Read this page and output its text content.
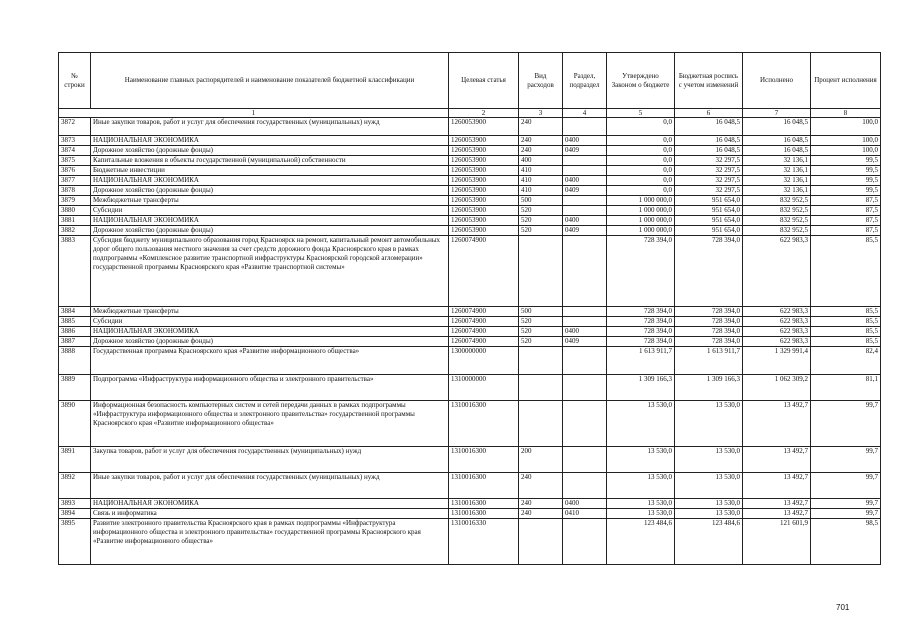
№ строки	Наименование главных распорядителей и наименование показателей бюджетной классификации	Целевая статья	Вид расходов	Раздел, подраздел	Утверждено Законом о бюджете	Бюджетная роспись с учетом изменений	Исполнено	Процент исполнения
1		2	3	4	5	6	7	8
3872	Иные закупки товаров, работ и услуг для обеспечения государственных (муниципальных) нужд	1260053900	240		0,0	16 048,5	16 048,5	100,0
3873	НАЦИОНАЛЬНАЯ ЭКОНОМИКА	1260053900	240	0400	0,0	16 048,5	16 048,5	100,0
3874	Дорожное хозяйство (дорожные фонды)	1260053900	240	0409	0,0	16 048,5	16 048,5	100,0
3875	Капитальные вложения в объекты государственной (муниципальной) собственности	1260053900	400		0,0	32 297,5	32 136,1	99,5
3876	Бюджетные инвестиции	1260053900	410		0,0	32 297,5	32 136,1	99,5
3877	НАЦИОНАЛЬНАЯ ЭКОНОМИКА	1260053900	410	0400	0,0	32 297,5	32 136,1	99,5
3878	Дорожное хозяйство (дорожные фонды)	1260053900	410	0409	0,0	32 297,5	32 136,1	99,5
3879	Межбюджетные трансферты	1260053900	500		1 000 000,0	951 654,0	832 952,5	87,5
3880	Субсидии	1260053900	520		1 000 000,0	951 654,0	832 952,5	87,5
3881	НАЦИОНАЛЬНАЯ ЭКОНОМИКА	1260053900	520	0400	1 000 000,0	951 654,0	832 952,5	87,5
3882	Дорожное хозяйство (дорожные фонды)	1260053900	520	0409	1 000 000,0	951 654,0	832 952,5	87,5
3883	Субсидия бюджету муниципального образования город Красноярск на ремонт, капитальный ремонт автомобильных дорог общего пользования местного значения за счет средств дорожного фонда Красноярского края в рамках подпрограммы «Комплексное развитие транспортной инфраструктуры Красноярской городской агломерации» государственной программы Красноярского края «Развитие транспортной системы»	1260074900			728 394,0	728 394,0	622 983,3	85,5
3884	Межбюджетные трансферты	1260074900	500		728 394,0	728 394,0	622 983,3	85,5
3885	Субсидии	1260074900	520		728 394,0	728 394,0	622 983,3	85,5
3886	НАЦИОНАЛЬНАЯ ЭКОНОМИКА	1260074900	520	0400	728 394,0	728 394,0	622 983,3	85,5
3887	Дорожное хозяйство (дорожные фонды)	1260074900	520	0409	728 394,0	728 394,0	622 983,3	85,5
3888	Государственная программа Красноярского края «Развитие информационного общества»	1300000000			1 613 911,7	1 613 911,7	1 329 991,4	82,4
3889	Подпрограмма «Инфраструктура информационного общества и электронного правительства»	1310000000			1 309 166,3	1 309 166,3	1 062 309,2	81,1
3890	Информационная безопасность компьютерных систем и сетей передачи данных в рамках подпрограммы «Инфраструктура информационного общества и электронного правительства» государственной программы Красноярского края «Развитие информационного общества»	1310016300			13 530,0	13 530,0	13 492,7	99,7
3891	Закупка товаров, работ и услуг для обеспечения государственных (муниципальных) нужд	1310016300	200		13 530,0	13 530,0	13 492,7	99,7
3892	Иные закупки товаров, работ и услуг для обеспечения государственных (муниципальных) нужд	1310016300	240		13 530,0	13 530,0	13 492,7	99,7
3893	НАЦИОНАЛЬНАЯ ЭКОНОМИКА	1310016300	240	0400	13 530,0	13 530,0	13 492,7	99,7
3894	Связь и информатика	1310016300	240	0410	13 530,0	13 530,0	13 492,7	99,7
3895	Развитие электронного правительства Красноярского края в рамках подпрограммы «Инфраструктура информационного общества и электронного правительства» государственной программы Красноярского края «Развитие информационного общества»	1310016330			123 484,6	123 484,6	121 601,9	98,5
701
